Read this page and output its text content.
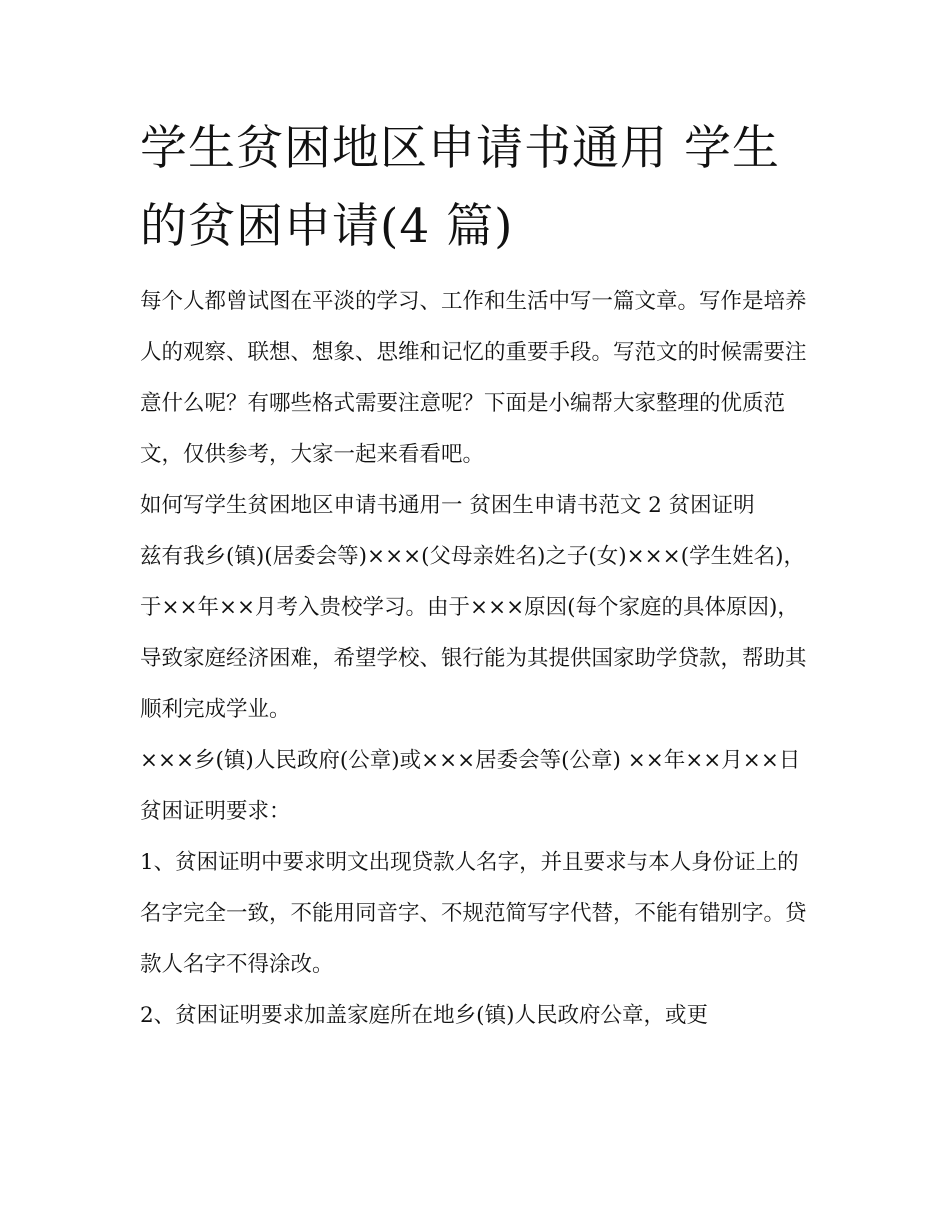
学生贫困地区申请书通用 学生的贫困申请(4 篇)

每个人都曾试图在平淡的学习、工作和生活中写一篇文章。写作是培养人的观察、联想、想象、思维和记忆的重要手段。写范文的时候需要注意什么呢？有哪些格式需要注意呢？下面是小编帮大家整理的优质范文，仅供参考，大家一起来看看吧。

如何写学生贫困地区申请书通用一 贫困生申请书范文 2 贫困证明

兹有我乡(镇)(居委会等)×××(父母亲姓名)之子(女)×××(学生姓名)，于××年××月考入贵校学习。由于×××原因(每个家庭的具体原因)，导致家庭经济困难，希望学校、银行能为其提供国家助学贷款，帮助其顺利完成学业。

×××乡(镇)人民政府(公章)或×××居委会等(公章) ××年××月××日 贫困证明要求：

1、贫困证明中要求明文出现贷款人名字，并且要求与本人身份证上的名字完全一致，不能用同音字、不规范简写字代替，不能有错别字。贷款人名字不得涂改。

2、贫困证明要求加盖家庭所在地乡(镇)人民政府公章，或更
